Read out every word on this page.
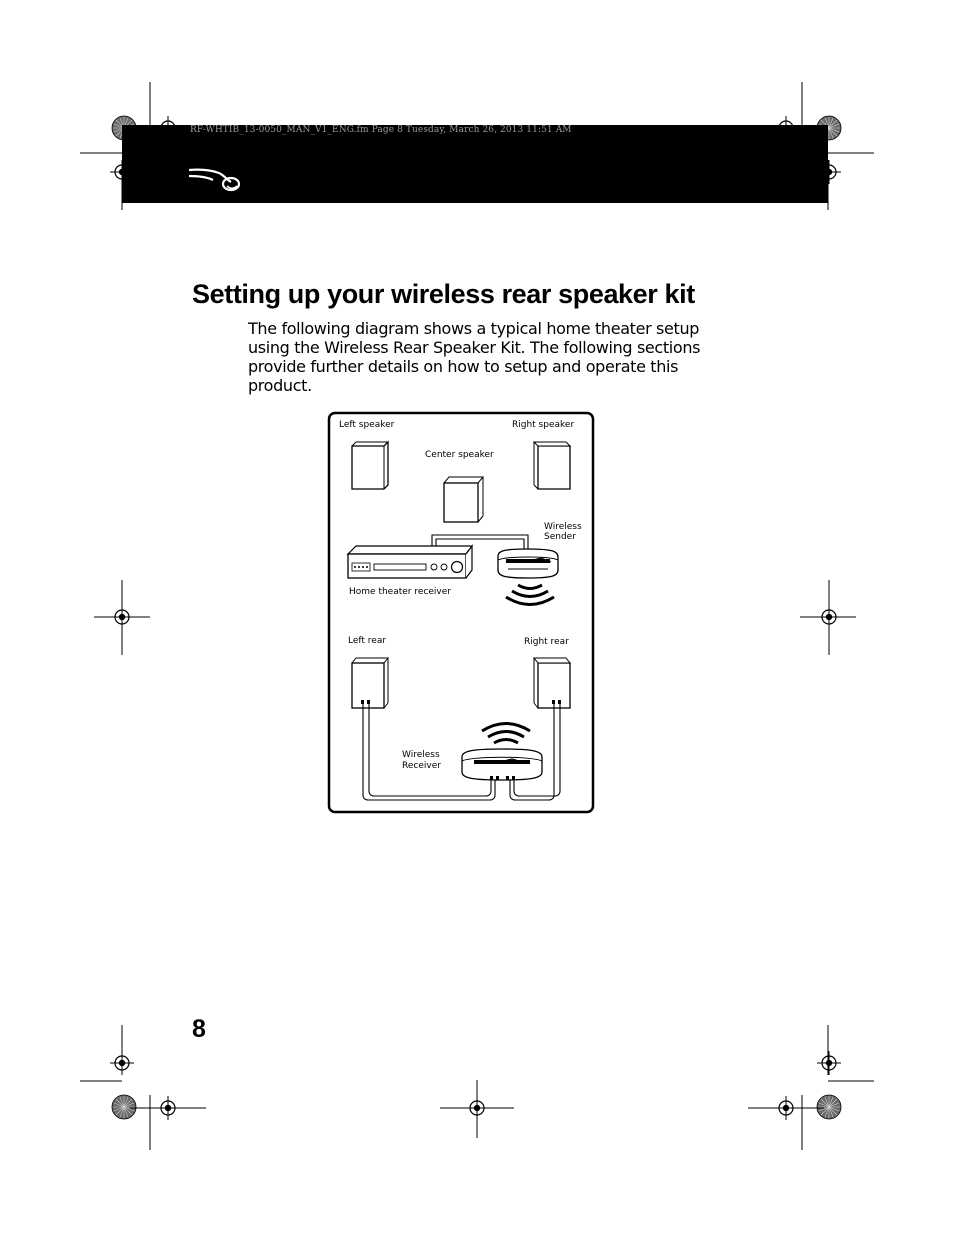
RF-WHTIB_13-0050_MAN_V1_ENG.fm Page 8 Tuesday, March 26, 2013 11:51 AM
Setting up your wireless rear speaker kit

The following diagram shows a typical home theater setup using the Wireless Rear Speaker Kit. The following sections provide further details on how to setup and operate this product.

Left speaker	Right speaker
Center speaker
Wireless
Sender
Home theater receiver
Left rear	Right rear
Wireless
Receiver
8
